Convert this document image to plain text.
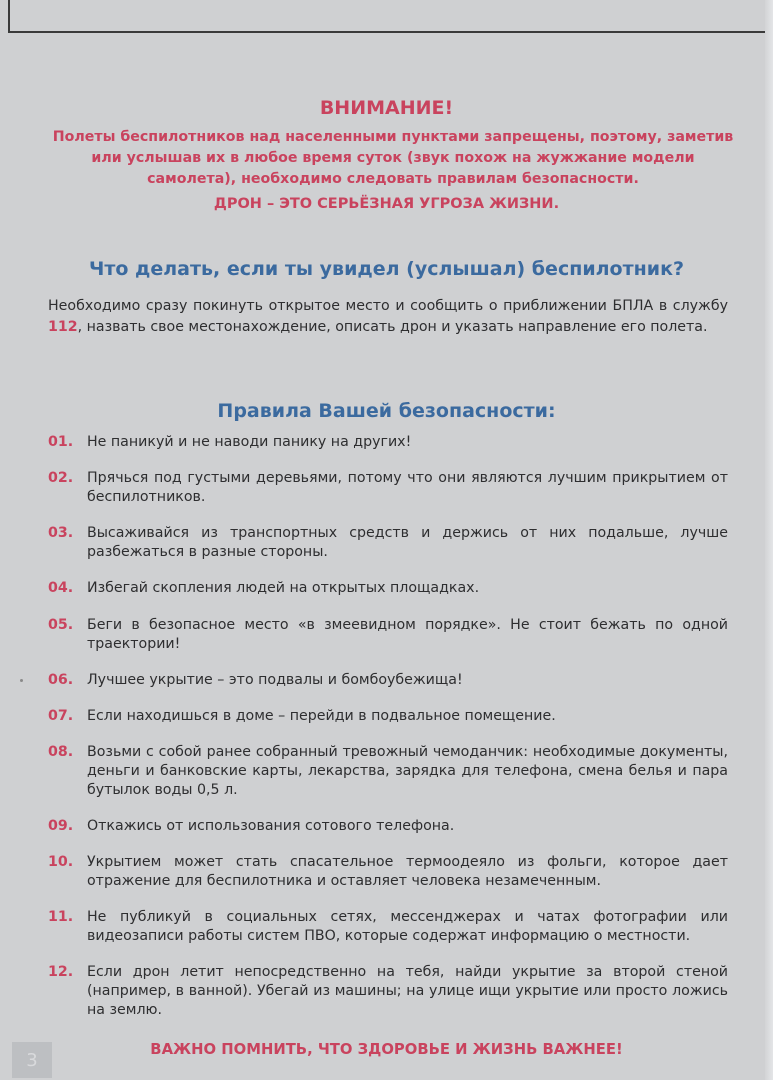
ВНИМАНИЕ!
Полеты беспилотников над населенными пунктами запрещены, поэтому, заметив или услышав их в любое время суток (звук похож на жужжание модели самолета), необходимо следовать правилам безопасности.
ДРОН – ЭТО СЕРЬЁЗНАЯ УГРОЗА ЖИЗНИ.
Что делать, если ты увидел (услышал) беспилотник?
Необходимо сразу покинуть открытое место и сообщить о приближении БПЛА в службу 112, назвать свое местонахождение, описать дрон и указать направление его полета.
Правила Вашей безопасности:
01. Не паникуй и не наводи панику на других!
02. Прячься под густыми деревьями, потому что они являются лучшим прикрытием от беспилотников.
03. Высаживайся из транспортных средств и держись от них подальше, лучше разбежаться в разные стороны.
04. Избегай скопления людей на открытых площадках.
05. Беги в безопасное место «в змеевидном порядке». Не стоит бежать по одной траектории!
06. Лучшее укрытие – это подвалы и бомбоубежища!
07. Если находишься в доме – перейди в подвальное помещение.
08. Возьми с собой ранее собранный тревожный чемоданчик: необходимые документы, деньги и банковские карты, лекарства, зарядка для телефона, смена белья и пара бутылок воды 0,5 л.
09. Откажись от использования сотового телефона.
10. Укрытием может стать спасательное термоодеяло из фольги, которое дает отражение для беспилотника и оставляет человека незамеченным.
11. Не публикуй в социальных сетях, мессенджерах и чатах фотографии или видеозаписи работы систем ПВО, которые содержат информацию о местности.
12. Если дрон летит непосредственно на тебя, найди укрытие за второй стеной (например, в ванной). Убегай из машины; на улице ищи укрытие или просто ложись на землю.
3	ВАЖНО ПОМНИТЬ, ЧТО ЗДОРОВЬЕ И ЖИЗНЬ ВАЖНЕЕ!
